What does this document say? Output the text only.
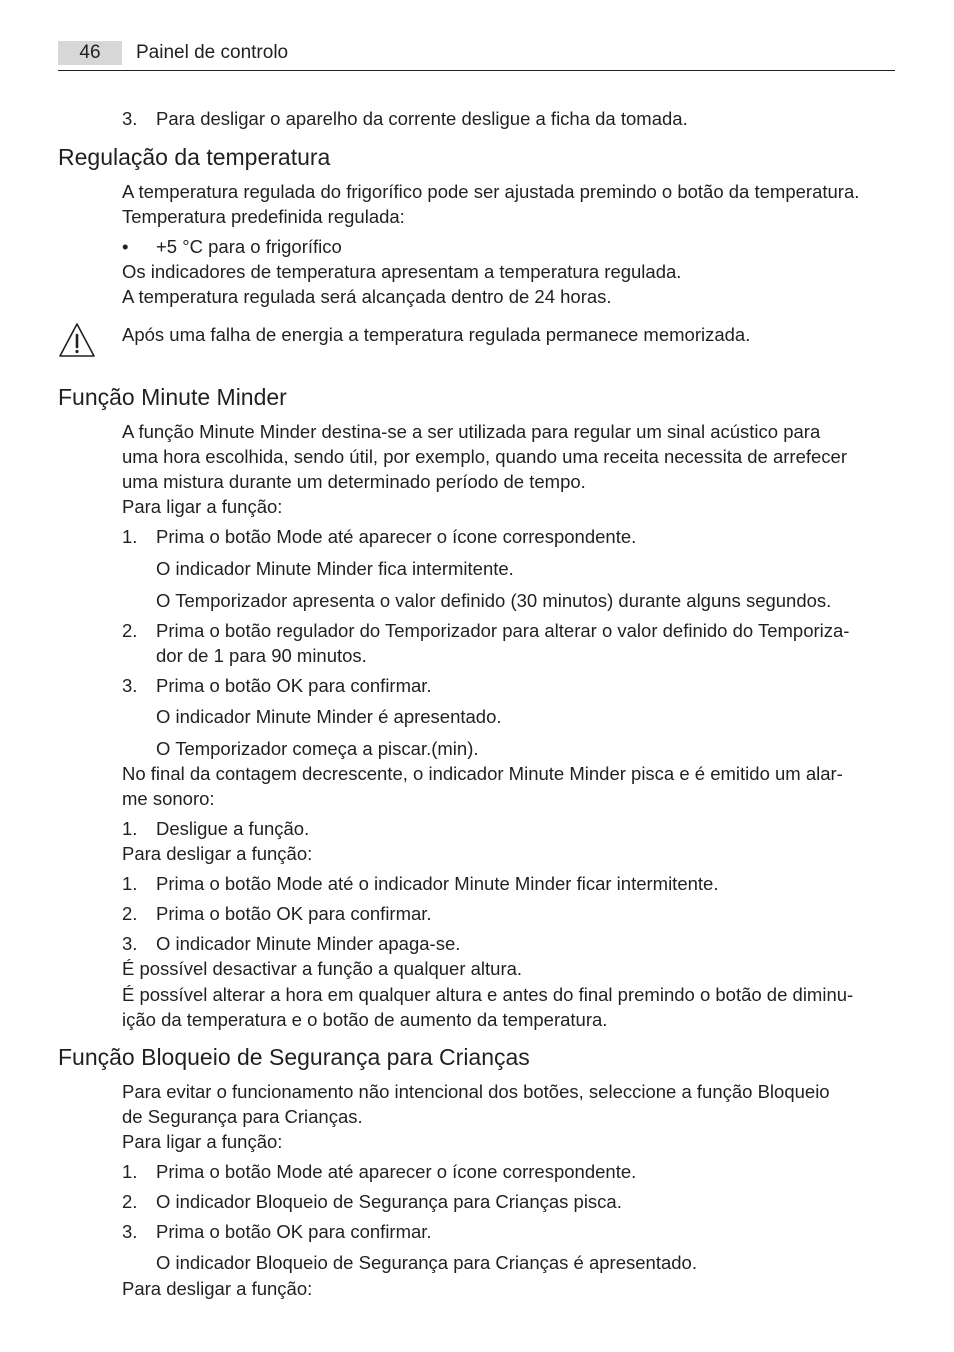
46	Painel de controlo
3. Para desligar o aparelho da corrente desligue a ficha da tomada.
Regulação da temperatura
A temperatura regulada do frigorífico pode ser ajustada premindo o botão da temperatura.
Temperatura predefinida regulada:
• +5 °C para o frigorífico
Os indicadores de temperatura apresentam a temperatura regulada.
A temperatura regulada será alcançada dentro de 24 horas.
Após uma falha de energia a temperatura regulada permanece memorizada.
Função Minute Minder
A função Minute Minder destina-se a ser utilizada para regular um sinal acústico para
uma hora escolhida, sendo útil, por exemplo, quando uma receita necessita de arrefecer
uma mistura durante um determinado período de tempo.
Para ligar a função:
1. Prima o botão Mode até aparecer o ícone correspondente.
O indicador Minute Minder fica intermitente.
O Temporizador apresenta o valor definido (30 minutos) durante alguns segundos.
2. Prima o botão regulador do Temporizador para alterar o valor definido do Temporiza-
dor de 1 para 90 minutos.
3. Prima o botão OK para confirmar.
O indicador Minute Minder é apresentado.
O Temporizador começa a piscar.(min).
No final da contagem decrescente, o indicador Minute Minder pisca e é emitido um alar-
me sonoro:
1. Desligue a função.
Para desligar a função:
1. Prima o botão Mode até o indicador Minute Minder ficar intermitente.
2. Prima o botão OK para confirmar.
3. O indicador Minute Minder apaga-se.
É possível desactivar a função a qualquer altura.
É possível alterar a hora em qualquer altura e antes do final premindo o botão de diminu-
ição da temperatura e o botão de aumento da temperatura.
Função Bloqueio de Segurança para Crianças
Para evitar o funcionamento não intencional dos botões, seleccione a função Bloqueio
de Segurança para Crianças.
Para ligar a função:
1. Prima o botão Mode até aparecer o ícone correspondente.
2. O indicador Bloqueio de Segurança para Crianças pisca.
3. Prima o botão OK para confirmar.
O indicador Bloqueio de Segurança para Crianças é apresentado.
Para desligar a função:
